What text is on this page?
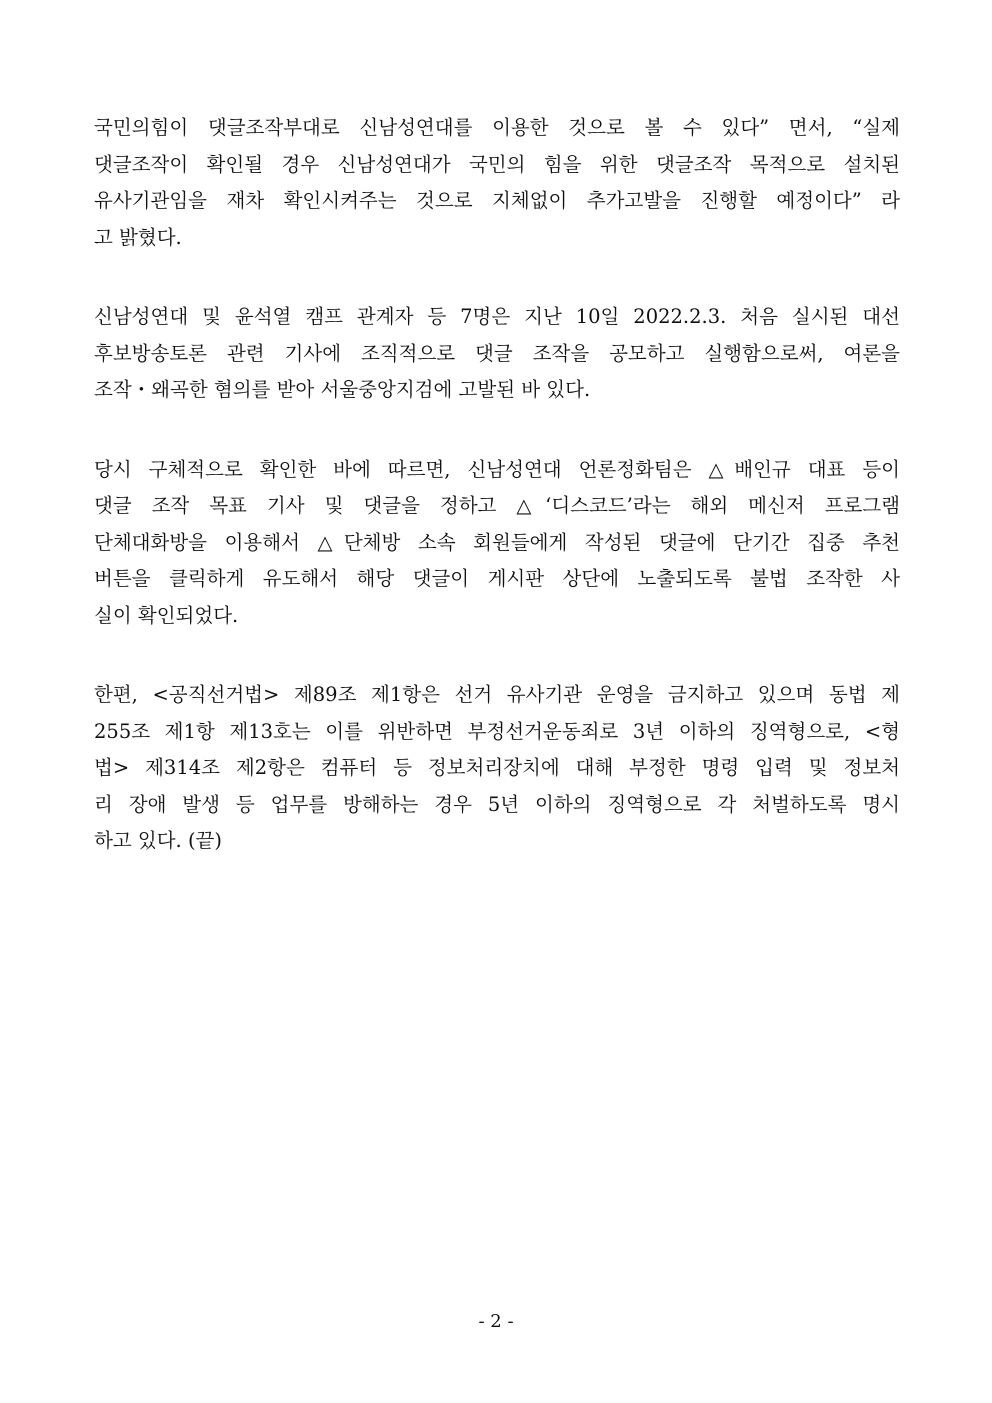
국민의힘이 댓글조작부대로 신남성연대를 이용한 것으로 볼 수 있다” 면서, “실제
댓글조작이 확인될 경우 신남성연대가 국민의 힘을 위한 댓글조작 목적으로 설치된
유사기관임을 재차 확인시켜주는 것으로 지체없이 추가고발을 진행할 예정이다” 라
고 밝혔다.

신남성연대 및 윤석열 캠프 관계자 등 7명은 지난 10일 2022.2.3. 처음 실시된 대선
후보방송토론 관련 기사에 조직적으로 댓글 조작을 공모하고 실행함으로써, 여론을
조작・왜곡한 혐의를 받아 서울중앙지검에 고발된 바 있다.

당시 구체적으로 확인한 바에 따르면, 신남성연대 언론정화팀은 △배인규 대표 등이
댓글 조작 목표 기사 및 댓글을 정하고 △‘디스코드’라는 해외 메신저 프로그램
단체대화방을 이용해서 △단체방 소속 회원들에게 작성된 댓글에 단기간 집중 추천
버튼을 클릭하게 유도해서 해당 댓글이 게시판 상단에 노출되도록 불법 조작한 사
실이 확인되었다.

한편, <공직선거법> 제89조 제1항은 선거 유사기관 운영을 금지하고 있으며 동법 제
255조 제1항 제13호는 이를 위반하면 부정선거운동죄로 3년 이하의 징역형으로, <형
법> 제314조 제2항은 컴퓨터 등 정보처리장치에 대해 부정한 명령 입력 및 정보처
리 장애 발생 등 업무를 방해하는 경우 5년 이하의 징역형으로 각 처벌하도록 명시
하고 있다. (끝)

- 2 -
